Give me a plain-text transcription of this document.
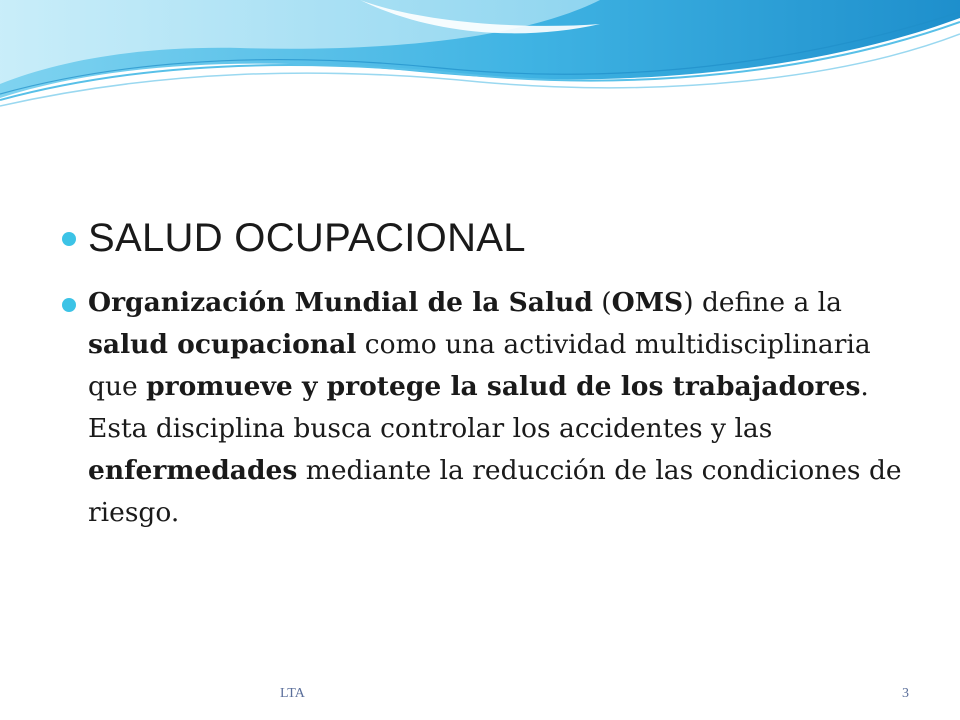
SALUD OCUPACIONAL

Organización Mundial de la Salud (OMS) define a la salud ocupacional como una actividad multidisciplinaria que promueve y protege la salud de los trabajadores. Esta disciplina busca controlar los accidentes y las enfermedades mediante la reducción de las condiciones de riesgo.

LTA	3
